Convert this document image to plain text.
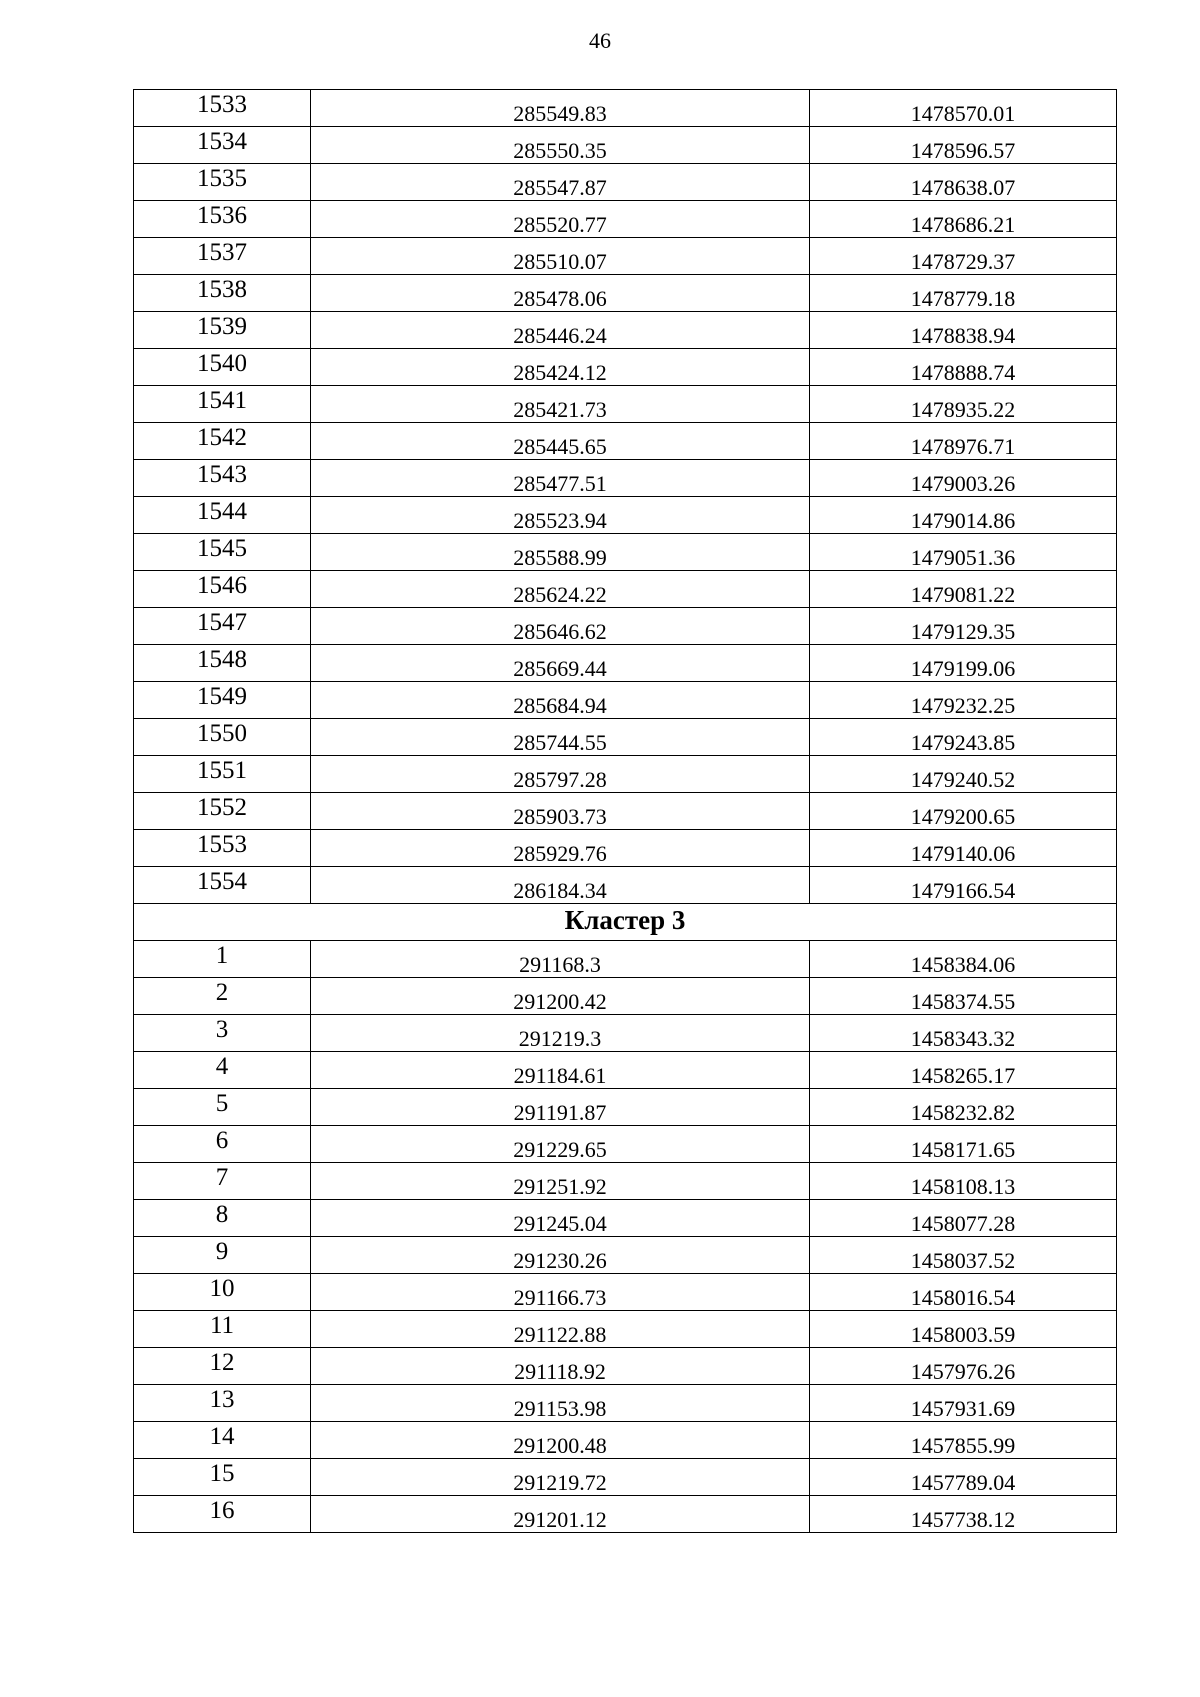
46
1533	285549.83	1478570.01
1534	285550.35	1478596.57
1535	285547.87	1478638.07
1536	285520.77	1478686.21
1537	285510.07	1478729.37
1538	285478.06	1478779.18
1539	285446.24	1478838.94
1540	285424.12	1478888.74
1541	285421.73	1478935.22
1542	285445.65	1478976.71
1543	285477.51	1479003.26
1544	285523.94	1479014.86
1545	285588.99	1479051.36
1546	285624.22	1479081.22
1547	285646.62	1479129.35
1548	285669.44	1479199.06
1549	285684.94	1479232.25
1550	285744.55	1479243.85
1551	285797.28	1479240.52
1552	285903.73	1479200.65
1553	285929.76	1479140.06
1554	286184.34	1479166.54
Кластер 3		
1	291168.3	1458384.06
2	291200.42	1458374.55
3	291219.3	1458343.32
4	291184.61	1458265.17
5	291191.87	1458232.82
6	291229.65	1458171.65
7	291251.92	1458108.13
8	291245.04	1458077.28
9	291230.26	1458037.52
10	291166.73	1458016.54
11	291122.88	1458003.59
12	291118.92	1457976.26
13	291153.98	1457931.69
14	291200.48	1457855.99
15	291219.72	1457789.04
16	291201.12	1457738.12
